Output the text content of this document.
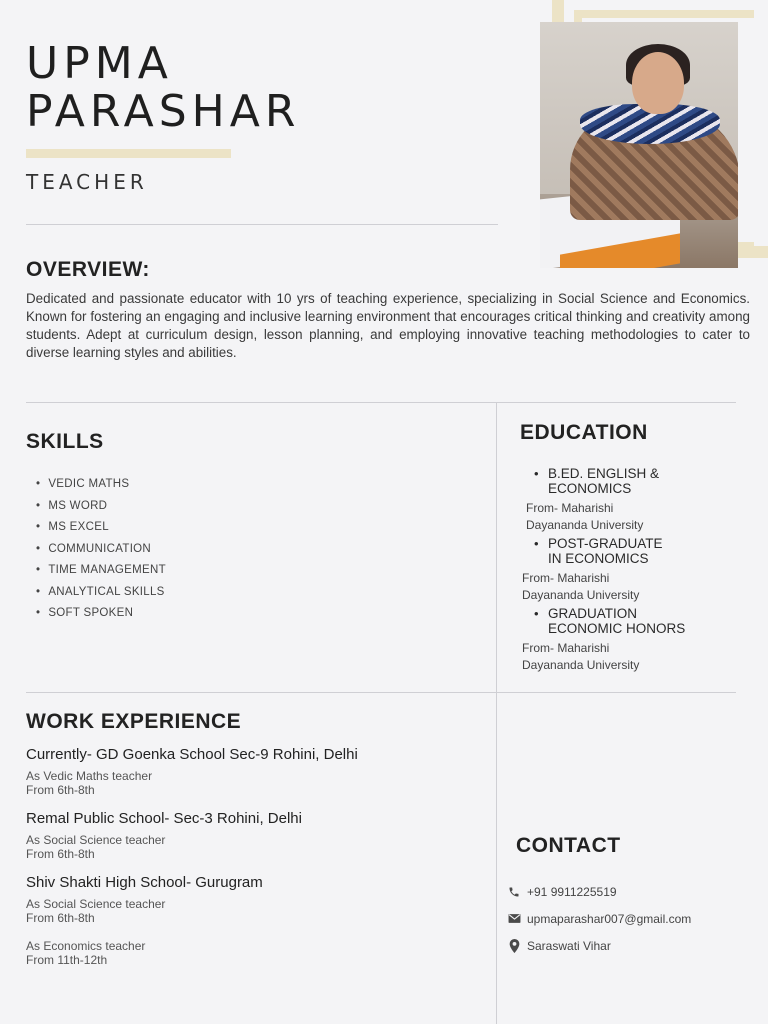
UPMA
PARASHAR
TEACHER
OVERVIEW:
Dedicated and passionate educator with 10 yrs of teaching experience, specializing in Social Science and Economics. Known for fostering an engaging and inclusive learning environment that encourages critical thinking and creativity among students. Adept at curriculum design, lesson planning, and employing innovative teaching methodologies to cater to diverse learning styles and abilities.
SKILLS
• VEDIC MATHS
• MS WORD
• MS EXCEL
• COMMUNICATION
• TIME MANAGEMENT
• ANALYTICAL SKILLS
• SOFT SPOKEN
EDUCATION
• B.ED. ENGLISH &
ECONOMICS
From- Maharishi
Dayananda University
• POST-GRADUATE
IN ECONOMICS
From- Maharishi
Dayananda University
• GRADUATION
ECONOMIC HONORS
From- Maharishi
Dayananda University
WORK EXPERIENCE
Currently- GD Goenka School Sec-9 Rohini, Delhi
As Vedic Maths teacher
From 6th-8th
Remal Public School- Sec-3 Rohini, Delhi
As Social Science teacher
From 6th-8th
Shiv Shakti High School- Gurugram
As Social Science teacher
From 6th-8th
As Economics teacher
From 11th-12th
CONTACT
+91 9911225519
upmaparashar007@gmail.com
Saraswati Vihar
